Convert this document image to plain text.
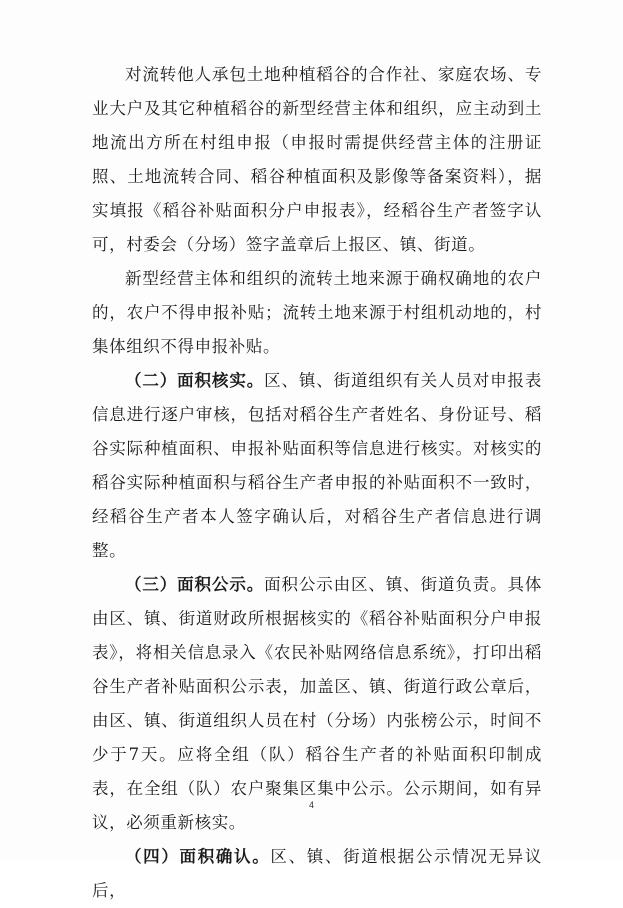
对流转他人承包土地种植稻谷的合作社、家庭农场、专业大户及其它种植稻谷的新型经营主体和组织，应主动到土地流出方所在村组申报（申报时需提供经营主体的注册证照、土地流转合同、稻谷种植面积及影像等备案资料），据实填报《稻谷补贴面积分户申报表》，经稻谷生产者签字认可，村委会（分场）签字盖章后上报区、镇、街道。

新型经营主体和组织的流转土地来源于确权确地的农户的，农户不得申报补贴；流转土地来源于村组机动地的，村集体组织不得申报补贴。

（二）面积核实。区、镇、街道组织有关人员对申报表信息进行逐户审核，包括对稻谷生产者姓名、身份证号、稻谷实际种植面积、申报补贴面积等信息进行核实。对核实的稻谷实际种植面积与稻谷生产者申报的补贴面积不一致时，经稻谷生产者本人签字确认后，对稻谷生产者信息进行调整。

（三）面积公示。面积公示由区、镇、街道负责。具体由区、镇、街道财政所根据核实的《稻谷补贴面积分户申报表》，将相关信息录入《农民补贴网络信息系统》，打印出稻谷生产者补贴面积公示表，加盖区、镇、街道行政公章后，由区、镇、街道组织人员在村（分场）内张榜公示，时间不少于7天。应将全组（队）稻谷生产者的补贴面积印制成表，在全组（队）农户聚集区集中公示。公示期间，如有异议，必须重新核实。

（四）面积确认。区、镇、街道根据公示情况无异议后，

4
